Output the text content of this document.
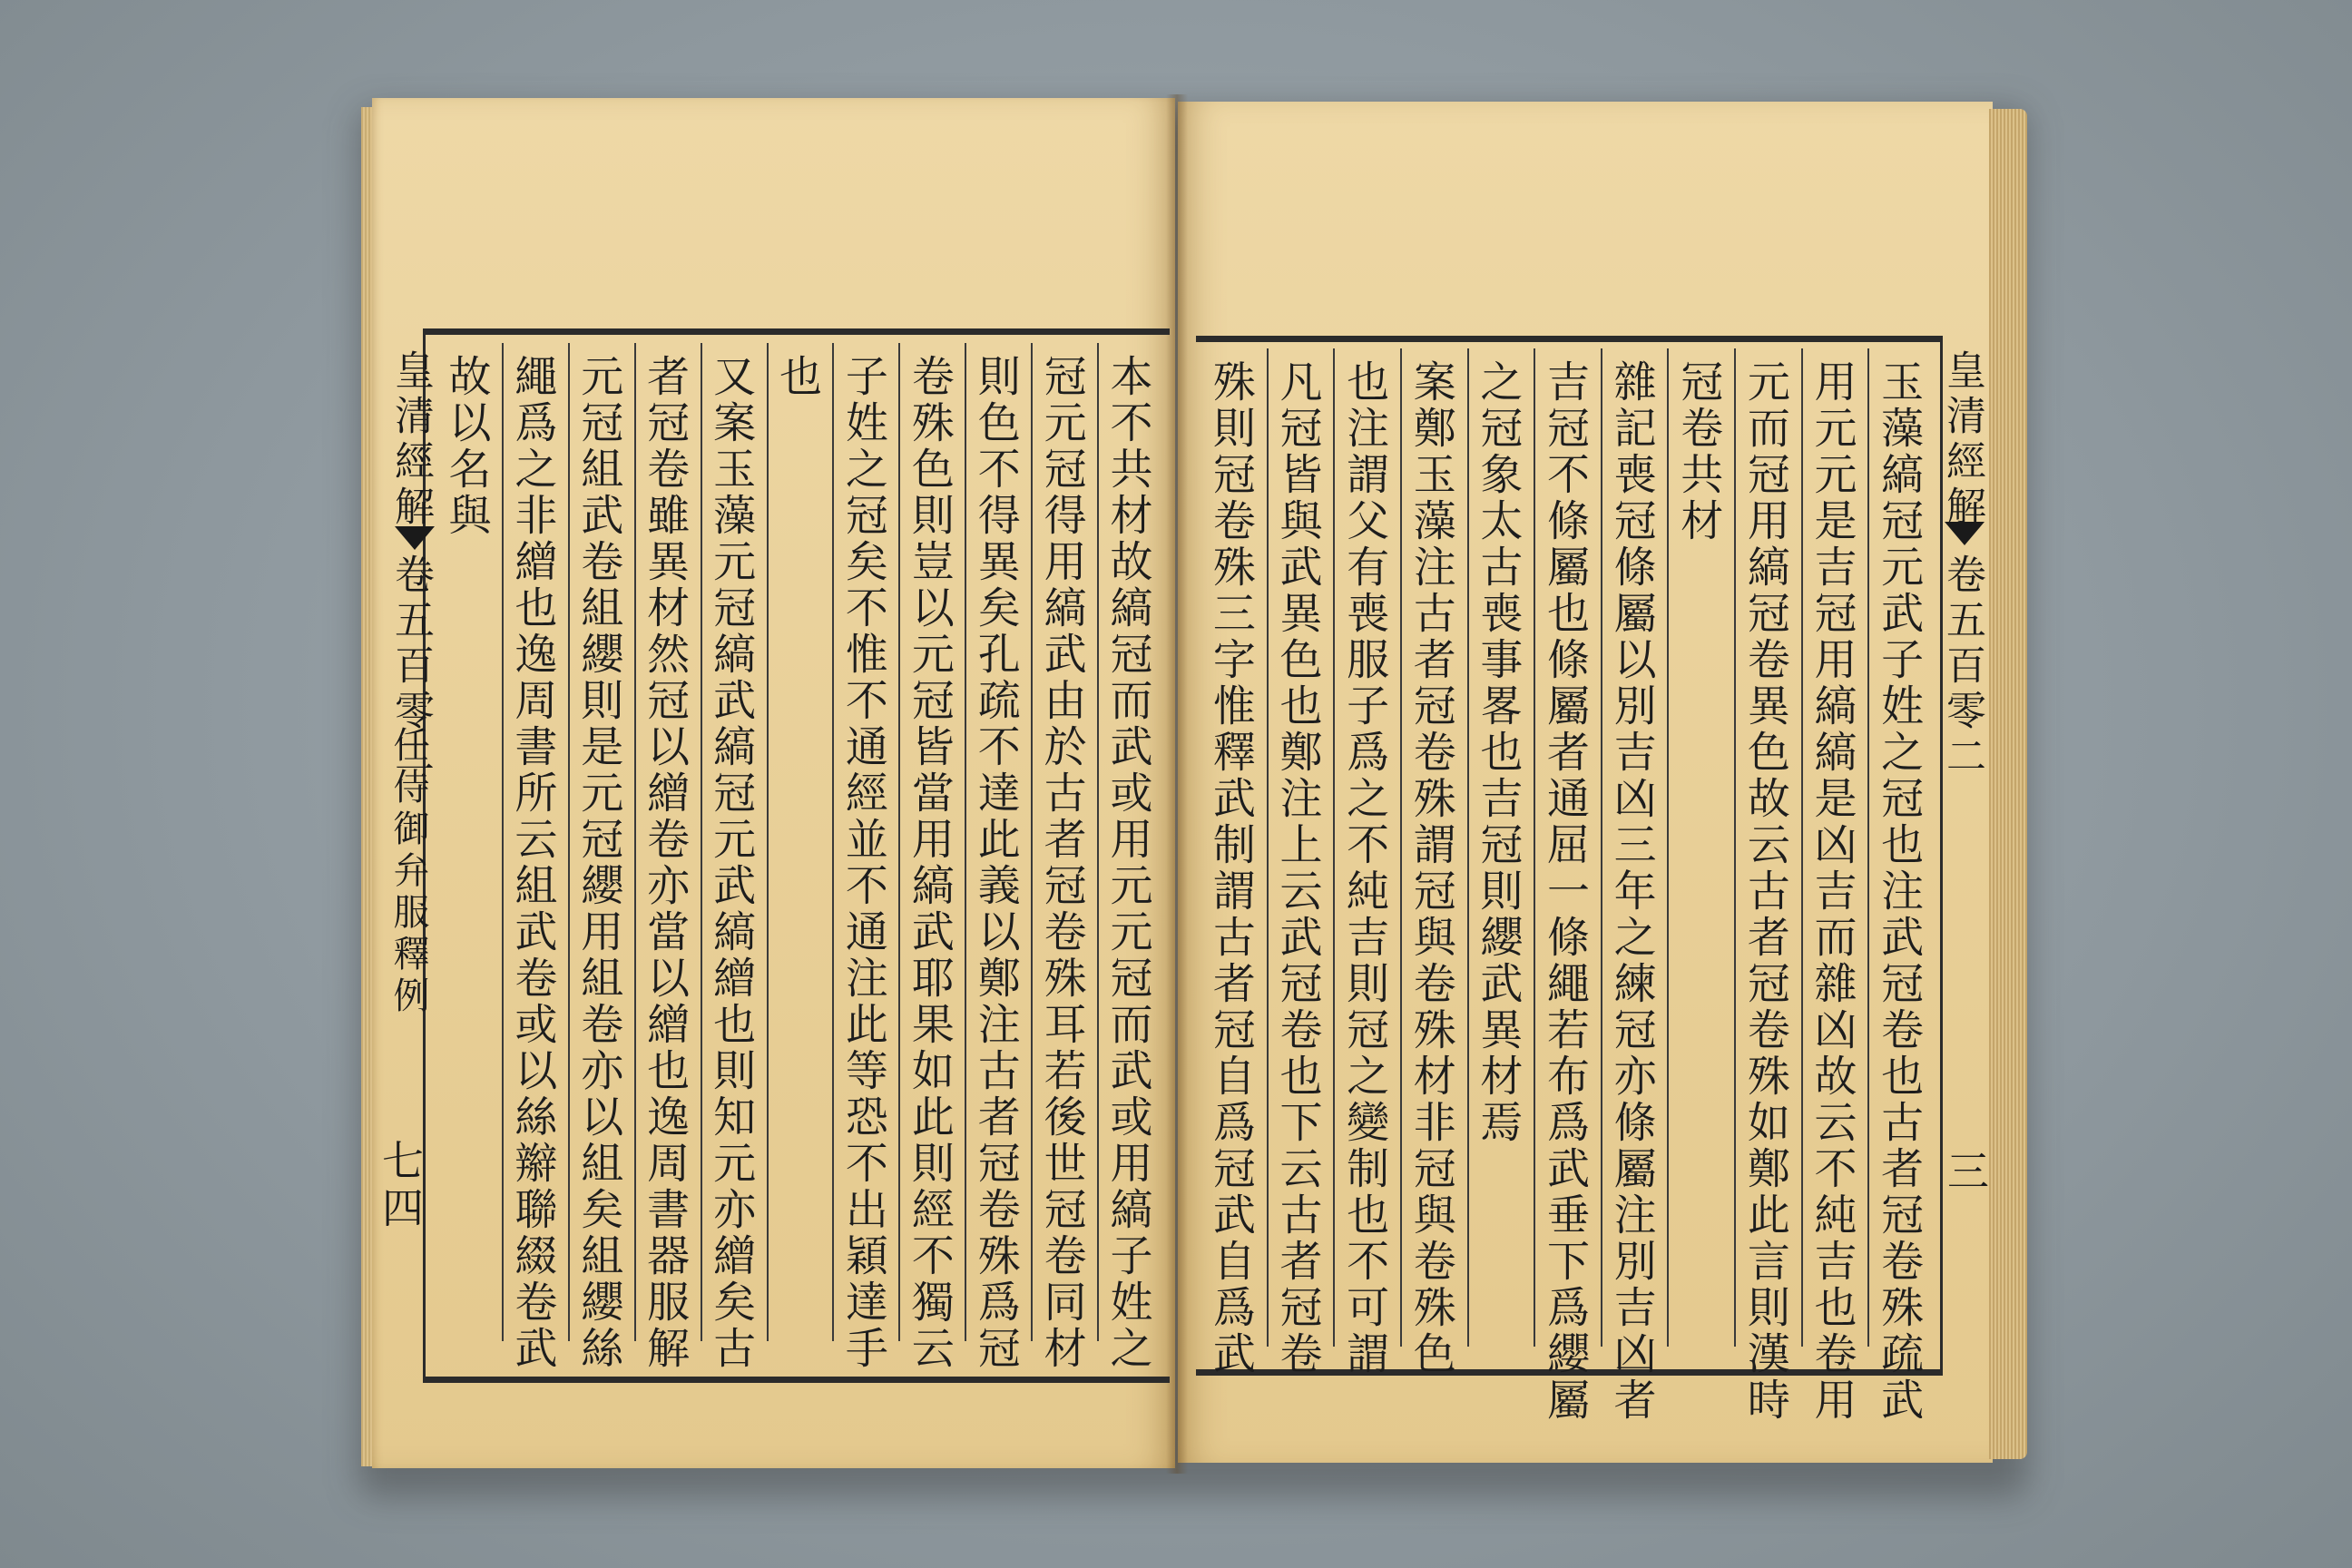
皇清經解
卷五百零二
任侍御弁服釋例
七四	本不共材故縞冠而武或用元元冠而武或用縞子姓之
冠元冠得用縞武由於古者冠卷殊耳若後世冠卷同材
則色不得異矣孔疏不達此義以鄭注古者冠卷殊爲冠
卷殊色則豈以元冠皆當用縞武耶果如此則經不獨云
子姓之冠矣不惟不通經並不通注此等恐不出穎達手
也
又案玉藻元冠縞武縞冠元武縞繒也則知元亦繒矣古
者冠卷雖異材然冠以繒卷亦當以繒也逸周書器服解
元冠組武卷組纓則是元冠纓用組卷亦以組矣組纓絲
繩爲之非繒也逸周書所云組武卷或以絲辮聯綴卷武
故以名與	皇清經解
卷五百零二
三
玉藻縞冠元武子姓之冠也注武冠卷也古者冠卷殊疏武
用元元是吉冠用縞縞是凶吉而雜凶故云不純吉也卷用
元而冠用縞冠卷異色故云古者冠卷殊如鄭此言則漢時
冠卷共材
雜記喪冠條屬以別吉凶三年之練冠亦條屬注別吉凶者
吉冠不條屬也條屬者通屈一條繩若布爲武垂下爲纓屬
之冠象太古喪事畧也吉冠則纓武異材焉
案鄭玉藻注古者冠卷殊謂冠與卷殊材非冠與卷殊色
也注謂父有喪服子爲之不純吉則冠之變制也不可謂
凡冠皆與武異色也鄭注上云武冠卷也下云古者冠卷
殊則冠卷殊三字惟釋武制謂古者冠自爲冠武自爲武
